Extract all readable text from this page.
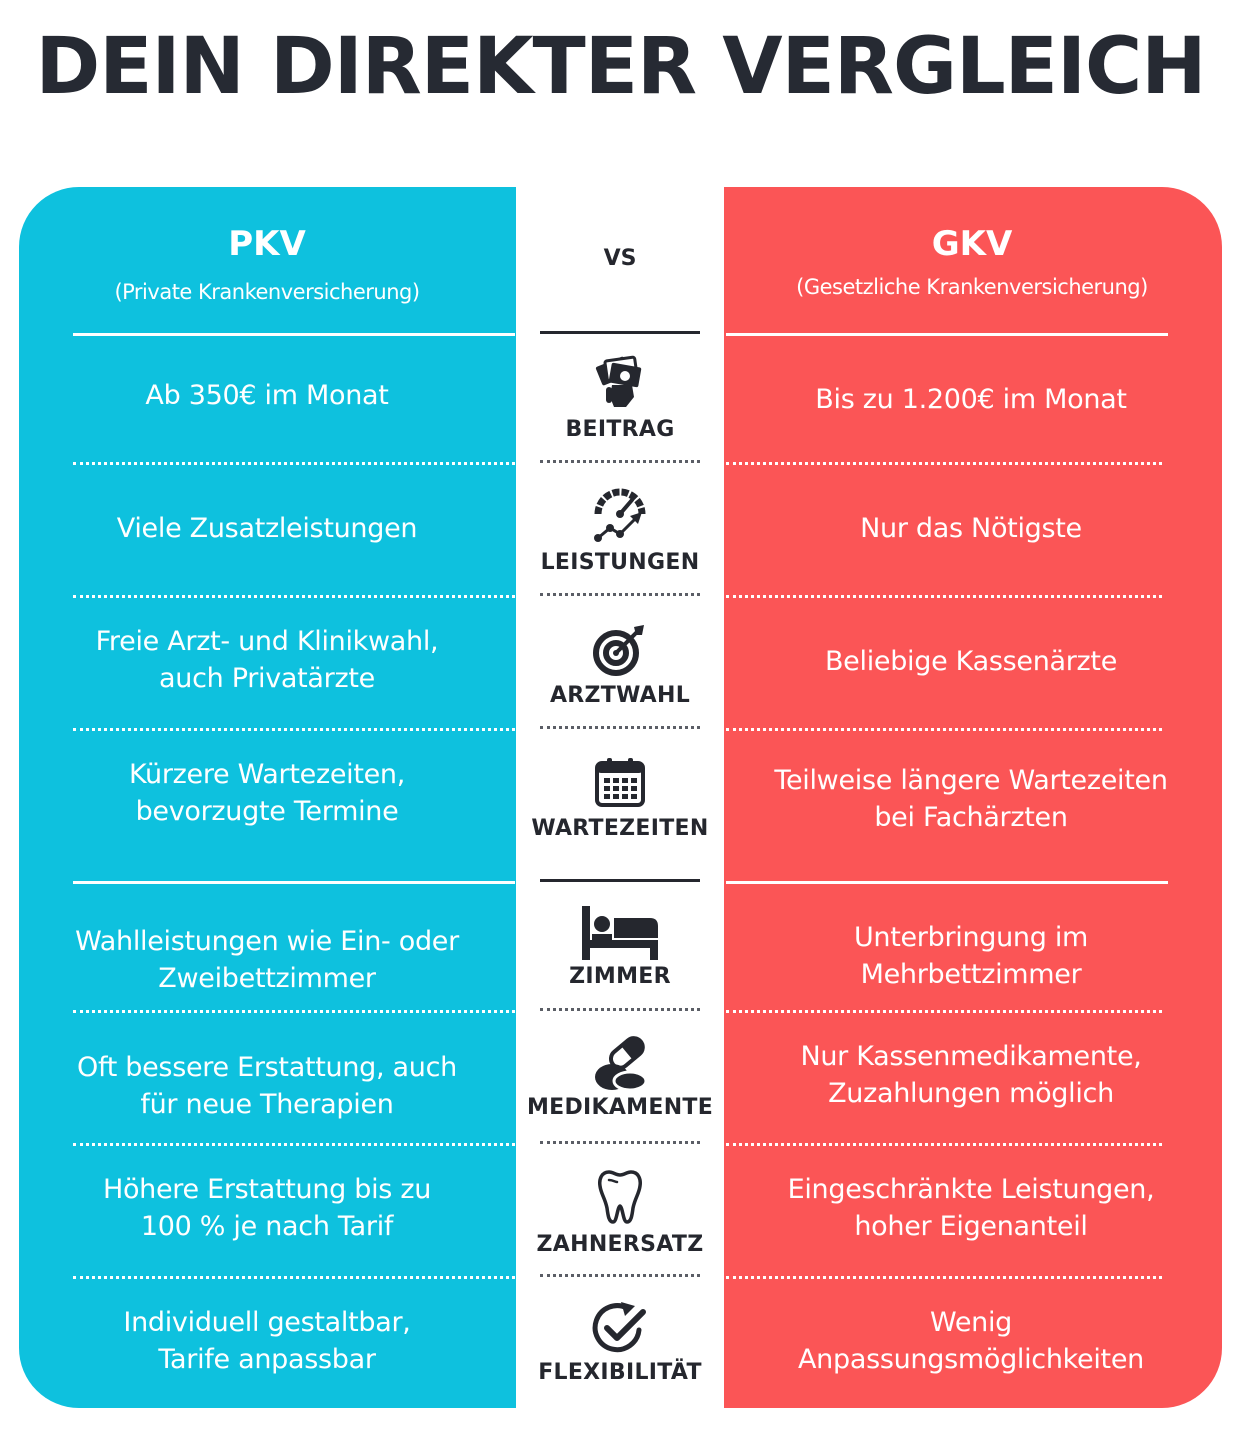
DEIN DIREKTER VERGLEICH
PKV
(Private Krankenversicherung)
VS	GKV
(Gesetzliche Krankenversicherung)
Ab 350€ im Monat
Viele Zusatzleistungen
Freie Arzt- und Klinikwahl,
auch Privatärzte
Kürzere Wartezeiten,
bevorzugte Termine
Wahlleistungen wie Ein- oder
Zweibettzimmer
Oft bessere Erstattung, auch
für neue Therapien
Höhere Erstattung bis zu
100 % je nach Tarif
Individuell gestaltbar,
Tarife anpassbar
Bis zu 1.200€ im Monat
Nur das Nötigste
Beliebige Kassenärzte
Teilweise längere Wartezeiten
bei Fachärzten
Unterbringung im
Mehrbettzimmer
Nur Kassenmedikamente,
Zuzahlungen möglich
Eingeschränkte Leistungen,
hoher Eigenanteil
Wenig
Anpassungsmöglichkeiten
BEITRAG
LEISTUNGEN
ARZTWAHL
WARTEZEITEN
ZIMMER
MEDIKAMENTE
ZAHNERSATZ
FLEXIBILITÄT
